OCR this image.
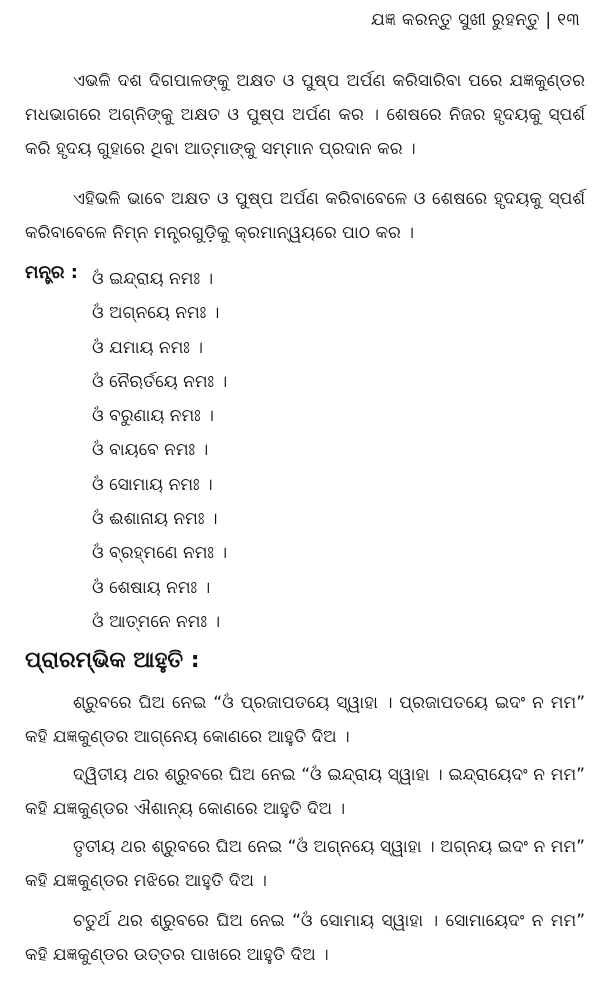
ଯଜ୍ଞ କରନ୍ତୁ ସୁଖୀ ରୁହନ୍ତୁ | ୧୩

ଏଭଳି ଦଶ ଦିଗପାଳଙ୍କୁ ଅକ୍ଷତ ଓ ପୁଷ୍ପ ଅର୍ପଣ କରିସାରିବା ପରେ ଯଜ୍ଞକୁଣ୍ଡର ମଧଭାଗରେ ଅଗ୍ନିଙ୍କୁ ଅକ୍ଷତ ଓ ପୁଷ୍ପ ଅର୍ପଣ କର । ଶେଷରେ ନିଜର ହୃଦୟକୁ ସ୍ପର୍ଶ କରି ହୃଦୟ ଗୁହାରେ ଥିବା ଆତ୍ମାଙ୍କୁ ସମ୍ମାନ ପ୍ରଦାନ କର ।

ଏହିଭଳି ଭାବେ ଅକ୍ଷତ ଓ ପୁଷ୍ପ ଅର୍ପଣ କରିବାବେଳେ ଓ ଶେଷରେ ହୃଦୟକୁ ସ୍ପର୍ଶ କରିବାବେଳେ ନିମ୍ନ ମନ୍ତ୍ରଗୁଡ଼ିକୁ କ୍ରମାନ୍ୱୟରେ ପାଠ କର ।

ମନ୍ତ୍ର : ଓଁ ଇନ୍ଦ୍ରାୟ ନମଃ ।
ଓଁ ଅଗ୍ନୟେ ନମଃ ।
ଓଁ ଯମାୟ ନମଃ ।
ଓଁ ନୈଋର୍ତୟେ ନମଃ ।
ଓଁ ବରୁଣାୟ ନମଃ ।
ଓଁ ବାୟବେ ନମଃ ।
ଓଁ ସୋମାୟ ନମଃ ।
ଓଁ ଈଶାନାୟ ନମଃ ।
ଓଁ ବ୍ରହ୍ମଣେ ନମଃ ।
ଓଁ ଶେଷାୟ ନମଃ ।
ଓଁ ଆତ୍ମନେ ନମଃ ।
ପ୍ରାରମ୍ଭିକ ଆହୁତି :

ଶ୍ରୁବରେ ଘିଅ ନେଇ “ଓଁ ପ୍ରଜାପତୟେ ସ୍ୱାହା । ପ୍ରଜାପତୟେ ଇଦଂ ନ ମମ” କହି ଯଜ୍ଞକୁଣ୍ଡର ଆଗ୍ନେୟ କୋଣରେ ଆହୁତି ଦିଅ ।

ଦ୍ୱିତୀୟ ଥର ଶ୍ରୁବରେ ଘିଅ ନେଇ “ଓଁ ଇନ୍ଦ୍ରାୟ ସ୍ୱାହା । ଇନ୍ଦ୍ରାୟେଦଂ ନ ମମ” କହି ଯଜ୍ଞକୁଣ୍ଡର ଐଶାନ୍ୟ କୋଣରେ ଆହୁତି ଦିଅ ।

ତୃତୀୟ ଥର ଶ୍ରୁବରେ ଘିଅ ନେଇ “ଓଁ ଅଗ୍ନୟେ ସ୍ୱାହା । ଅଗ୍ନୟ ଇଦଂ ନ ମମ” କହି ଯଜ୍ଞକୁଣ୍ଡର ମଝିରେ ଆହୁତି ଦିଅ ।

ଚତୁର୍ଥ ଥର ଶ୍ରୁବରେ ଘିଅ ନେଇ “ଓଁ ସୋମାୟ ସ୍ୱାହା । ସୋମାୟେଦଂ ନ ମମ” କହି ଯଜ୍ଞକୁଣ୍ଡର ଉତ୍ତର ପାଖରେ ଆହୁତି ଦିଅ ।
